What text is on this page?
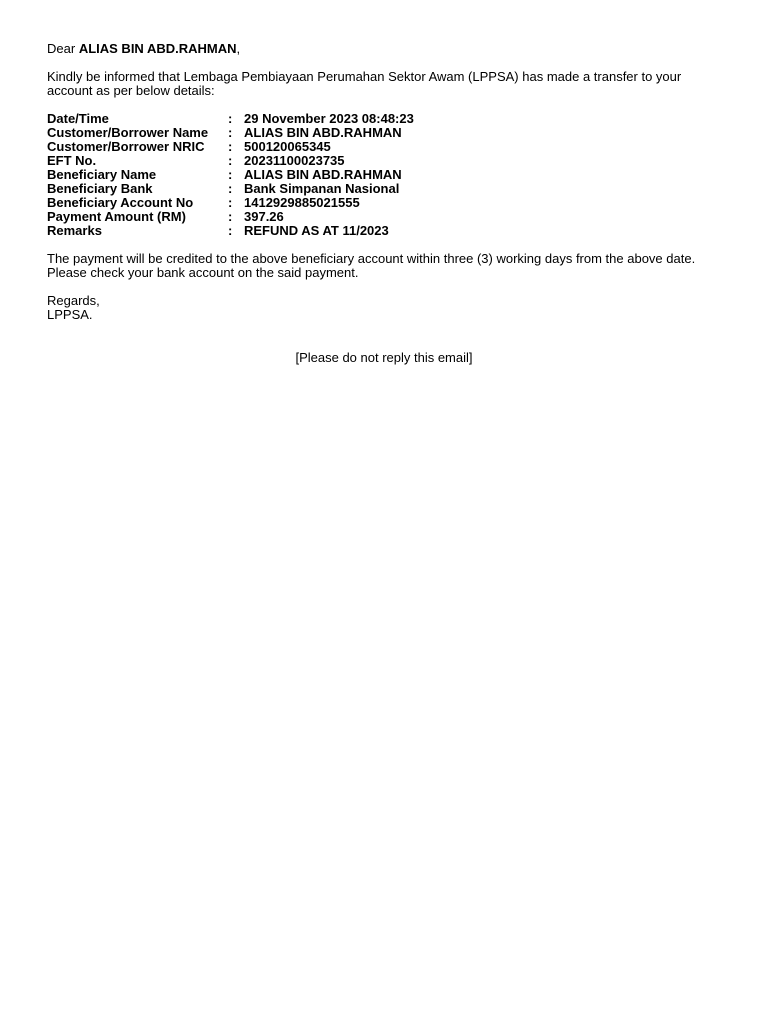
Dear ALIAS BIN ABD.RAHMAN,
Kindly be informed that Lembaga Pembiayaan Perumahan Sektor Awam (LPPSA) has made a transfer to your
account as per below details:
Date/Time	: 29 November 2023 08:48:23
Customer/Borrower Name	: ALIAS BIN ABD.RAHMAN
Customer/Borrower NRIC	: 500120065345
EFT No.	: 20231100023735
Beneficiary Name	: ALIAS BIN ABD.RAHMAN
Beneficiary Bank	: Bank Simpanan Nasional
Beneficiary Account No	: 1412929885021555
Payment Amount (RM)	: 397.26
Remarks	: REFUND AS AT 11/2023
The payment will be credited to the above beneficiary account within three (3) working days from the above date.
Please check your bank account on the said payment.
Regards,
LPPSA.
[Please do not reply this email]
